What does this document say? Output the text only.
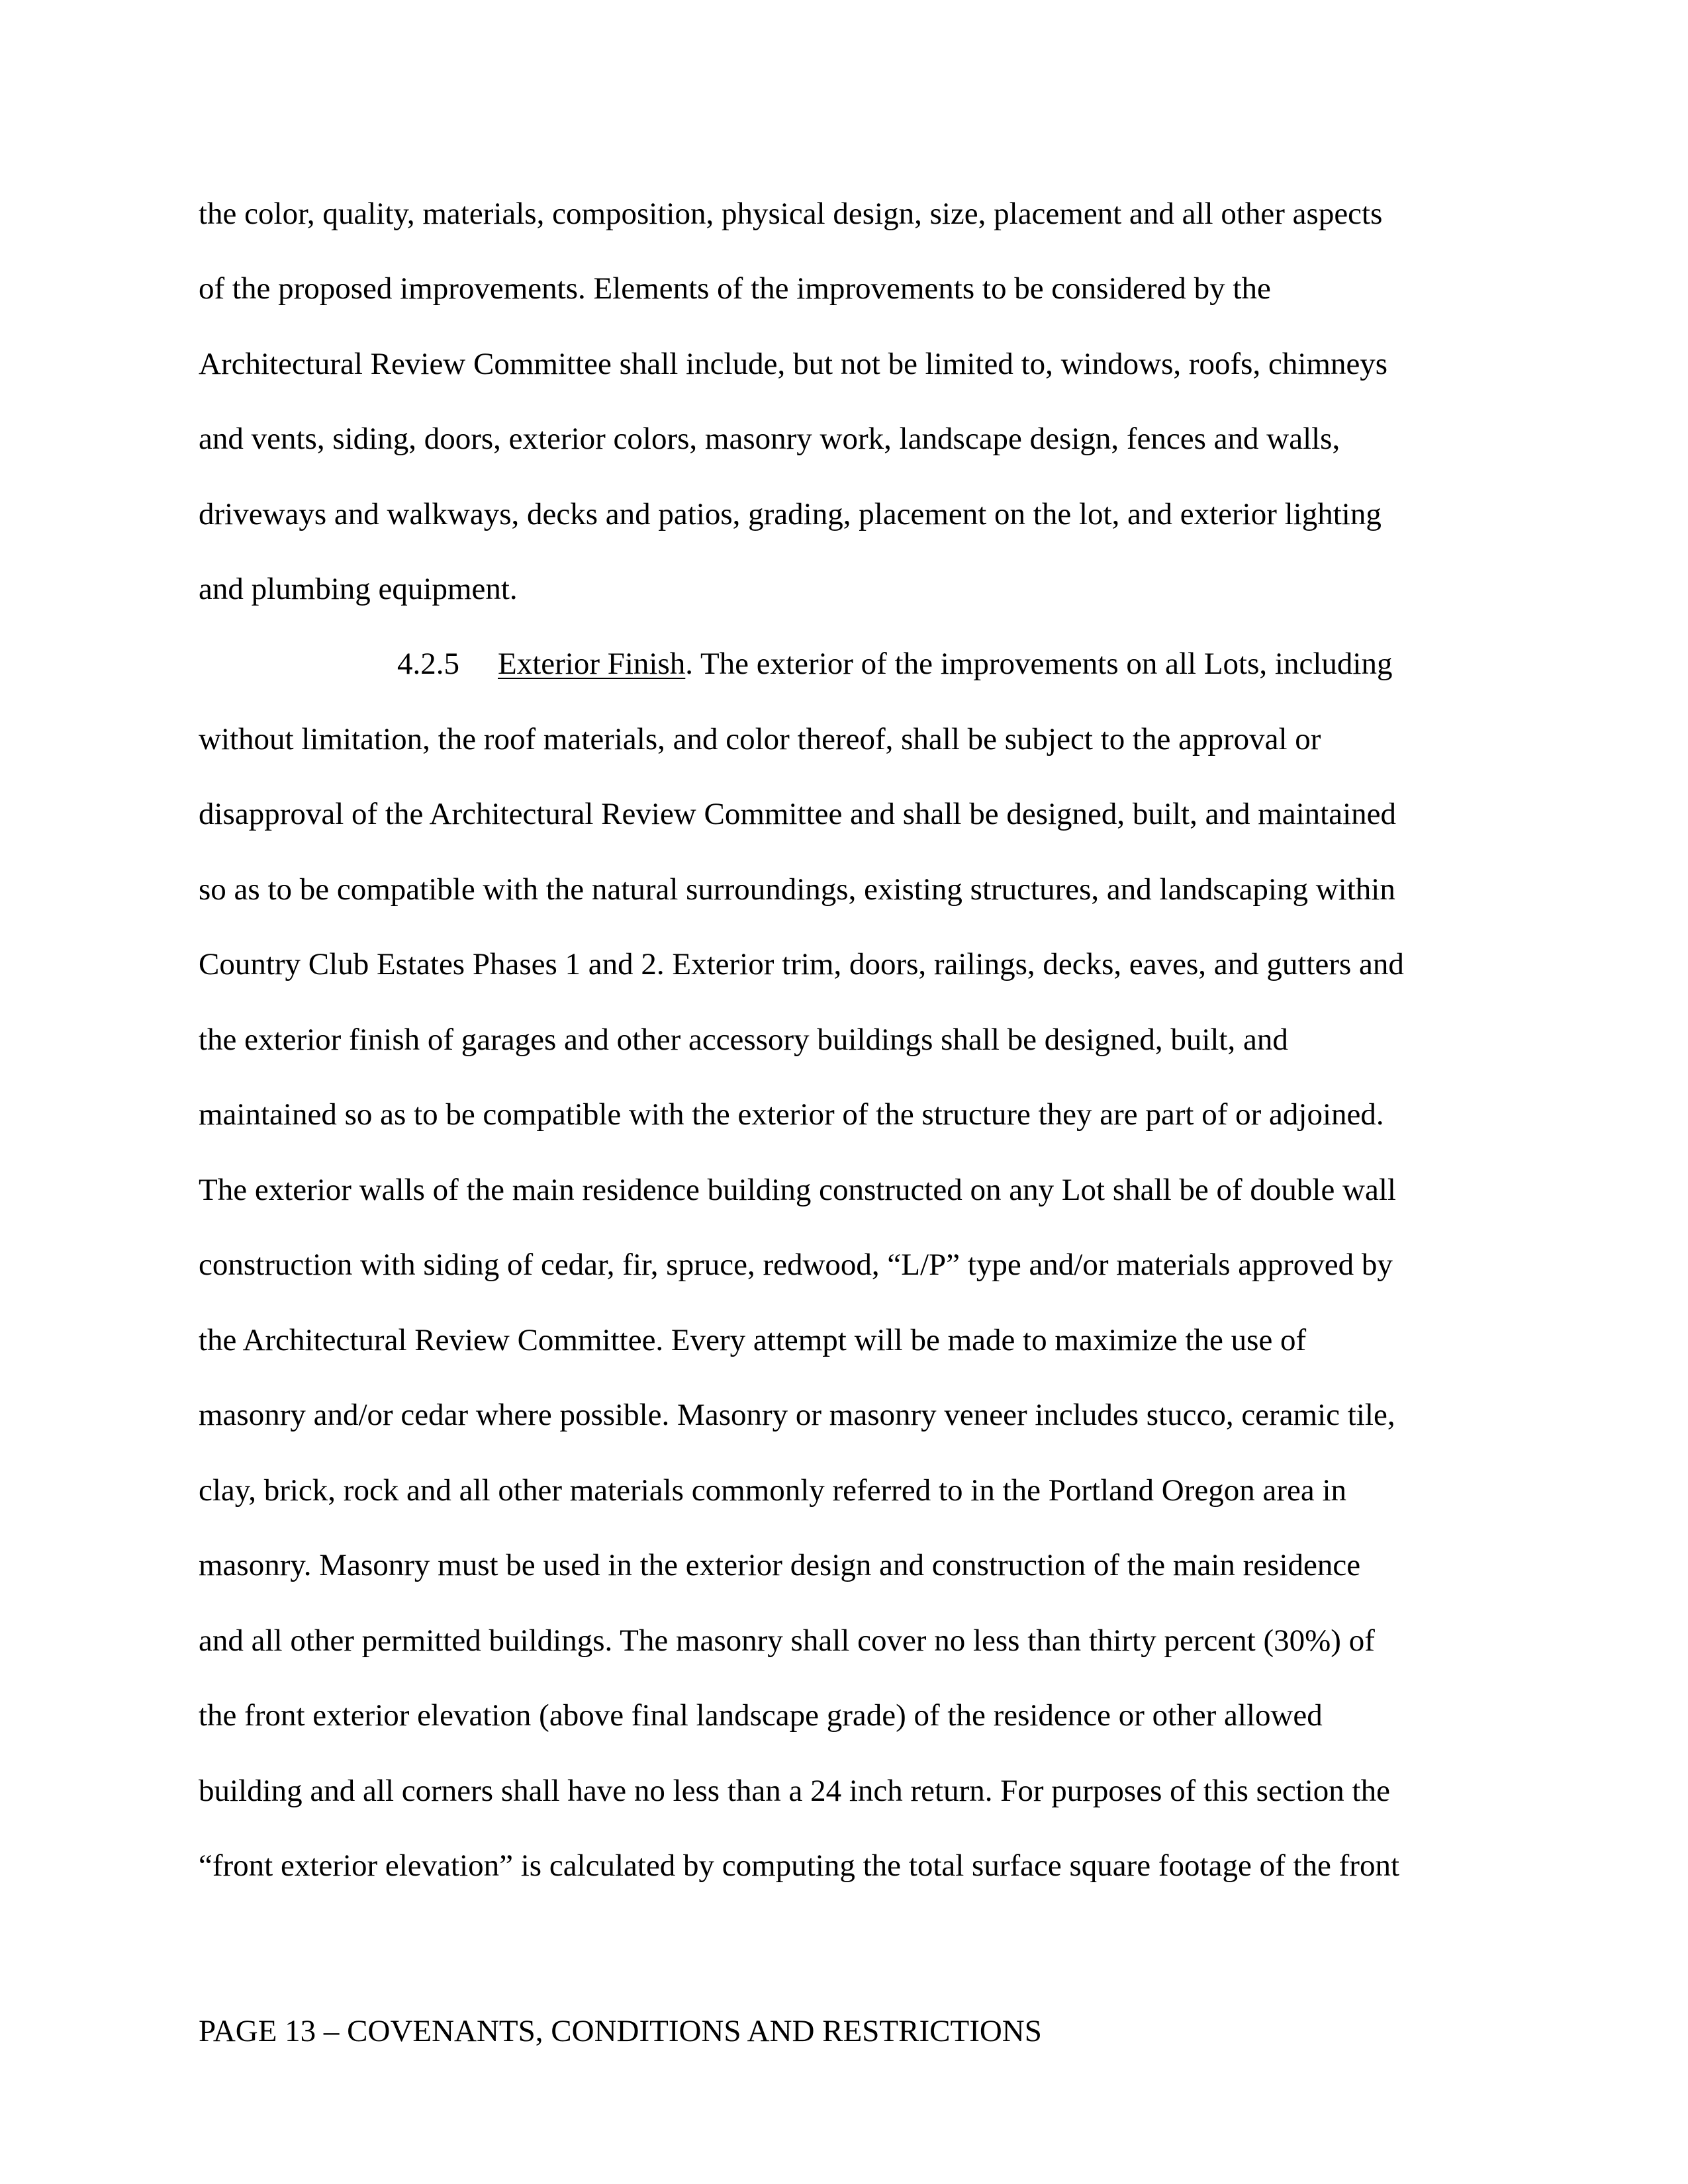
the color, quality, materials, composition, physical design, size, placement and all other aspects
of the proposed improvements. Elements of the improvements to be considered by the
Architectural Review Committee shall include, but not be limited to, windows, roofs, chimneys
and vents, siding, doors, exterior colors, masonry work, landscape design, fences and walls,
driveways and walkways, decks and patios, grading, placement on the lot, and exterior lighting
and plumbing equipment.
4.2.5 Exterior Finish. The exterior of the improvements on all Lots, including
without limitation, the roof materials, and color thereof, shall be subject to the approval or
disapproval of the Architectural Review Committee and shall be designed, built, and maintained
so as to be compatible with the natural surroundings, existing structures, and landscaping within
Country Club Estates Phases 1 and 2. Exterior trim, doors, railings, decks, eaves, and gutters and
the exterior finish of garages and other accessory buildings shall be designed, built, and
maintained so as to be compatible with the exterior of the structure they are part of or adjoined.
The exterior walls of the main residence building constructed on any Lot shall be of double wall
construction with siding of cedar, fir, spruce, redwood, “L/P” type and/or materials approved by
the Architectural Review Committee. Every attempt will be made to maximize the use of
masonry and/or cedar where possible. Masonry or masonry veneer includes stucco, ceramic tile,
clay, brick, rock and all other materials commonly referred to in the Portland Oregon area in
masonry. Masonry must be used in the exterior design and construction of the main residence
and all other permitted buildings. The masonry shall cover no less than thirty percent (30%) of
the front exterior elevation (above final landscape grade) of the residence or other allowed
building and all corners shall have no less than a 24 inch return. For purposes of this section the
“front exterior elevation” is calculated by computing the total surface square footage of the front
PAGE 13 – COVENANTS, CONDITIONS AND RESTRICTIONS
